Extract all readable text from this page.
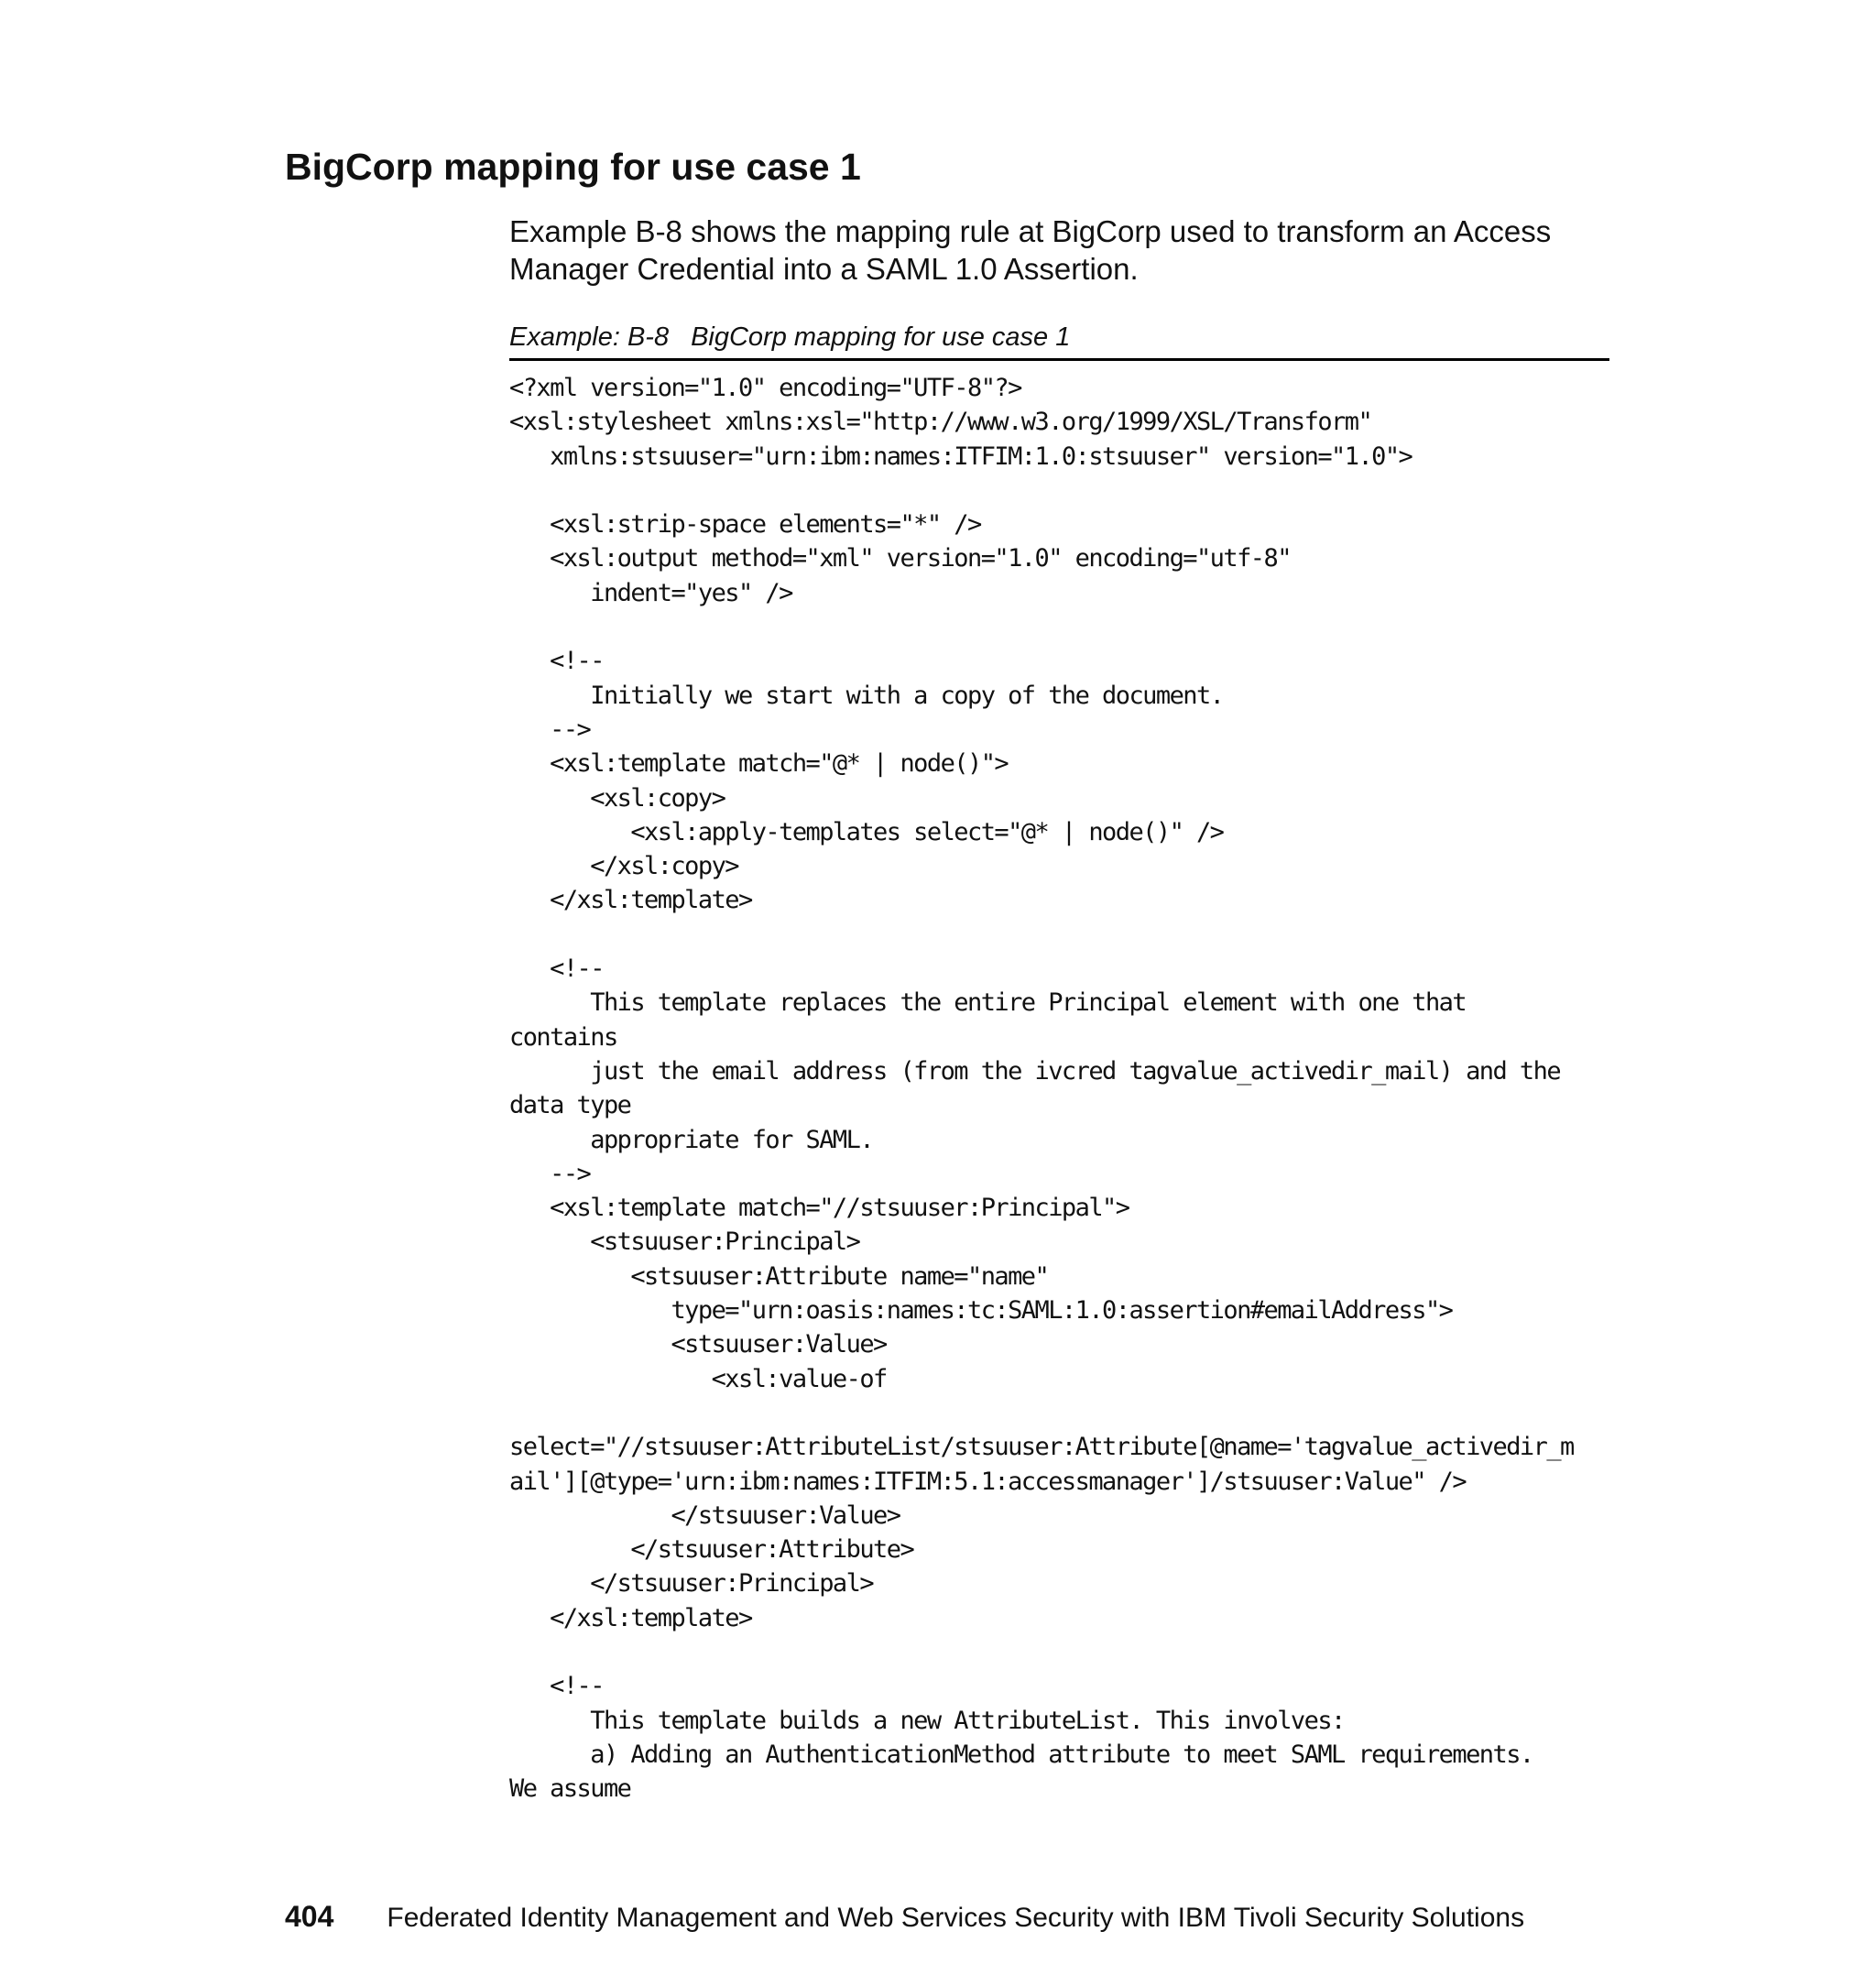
BigCorp mapping for use case 1

Example B-8 shows the mapping rule at BigCorp used to transform an Access Manager Credential into a SAML 1.0 Assertion.

Example: B-8 BigCorp mapping for use case 1
<?xml version="1.0" encoding="UTF-8"?>
<xsl:stylesheet xmlns:xsl="http://www.w3.org/1999/XSL/Transform"
xmlns:stsuuser="urn:ibm:names:ITFIM:1.0:stsuuser" version="1.0">
<xsl:strip-space elements="*" />
<xsl:output method="xml" version="1.0" encoding="utf-8"
indent="yes" />
<!--
Initially we start with a copy of the document.
-->
<xsl:template match="@* | node()">
<xsl:copy>
<xsl:apply-templates select="@* | node()" />
</xsl:copy>
</xsl:template>
<!--
This template replaces the entire Principal element with one that
contains
just the email address (from the ivcred tagvalue_activedir_mail) and the
data type
appropriate for SAML.
-->
<xsl:template match="//stsuuser:Principal">
<stsuuser:Principal>
<stsuuser:Attribute name="name"
type="urn:oasis:names:tc:SAML:1.0:assertion#emailAddress">
<stsuuser:Value>
<xsl:value-of
select="//stsuuser:AttributeList/stsuuser:Attribute[@name='tagvalue_activedir_m
ail'][@type='urn:ibm:names:ITFIM:5.1:accessmanager']/stsuuser:Value" />
</stsuuser:Value>
</stsuuser:Attribute>
</stsuuser:Principal>
</xsl:template>
<!--
This template builds a new AttributeList. This involves:
a) Adding an AuthenticationMethod attribute to meet SAML requirements.
We assume
404 Federated Identity Management and Web Services Security with IBM Tivoli Security Solutions
